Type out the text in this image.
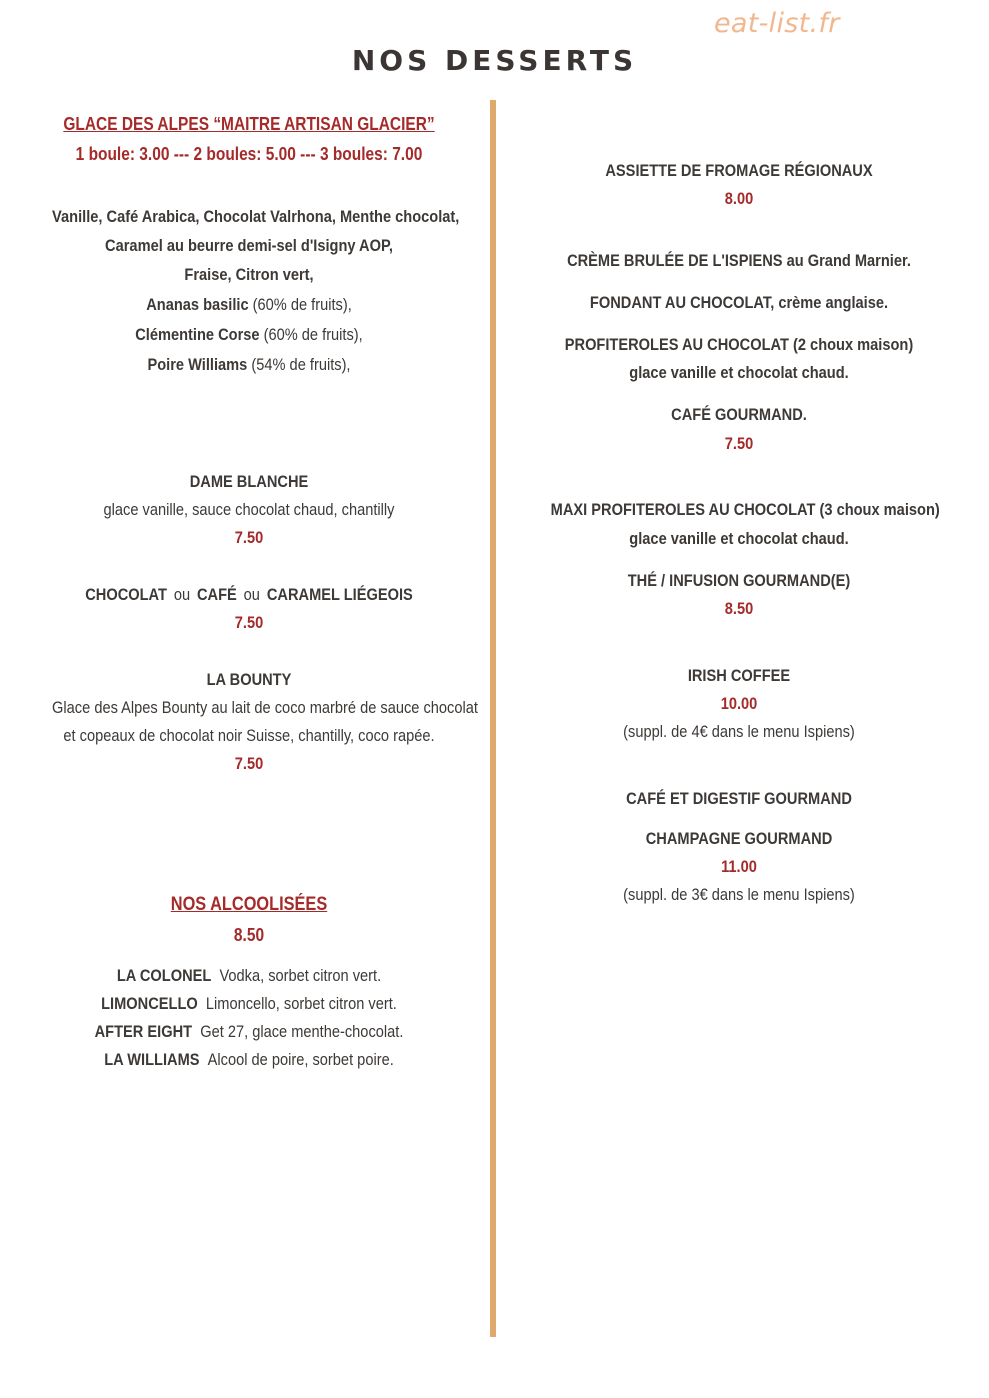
eat-list.fr
NOS DESSERTS
GLACE DES ALPES “MAITRE ARTISAN GLACIER”
1 boule: 3.00 --- 2 boules: 5.00 --- 3 boules: 7.00
Vanille, Café Arabica, Chocolat Valrhona, Menthe chocolat,
Caramel au beurre demi-sel d'Isigny AOP,
Fraise, Citron vert,
Ananas basilic (60% de fruits),
Clémentine Corse (60% de fruits),
Poire Williams (54% de fruits),
DAME BLANCHE
glace vanille, sauce chocolat chaud, chantilly
7.50
CHOCOLAT ou CAFÉ ou CARAMEL LIÉGEOIS
7.50
LA BOUNTY
Glace des Alpes Bounty au lait de coco marbré de sauce chocolat
et copeaux de chocolat noir Suisse, chantilly, coco rapée.
7.50
NOS ALCOOLISÉES
8.50
LA COLONEL Vodka, sorbet citron vert.
LIMONCELLO Limoncello, sorbet citron vert.
AFTER EIGHT Get 27, glace menthe-chocolat.
LA WILLIAMS Alcool de poire, sorbet poire.
ASSIETTE DE FROMAGE RÉGIONAUX
8.00
CRÈME BRULÉE DE L'ISPIENS au Grand Marnier.
FONDANT AU CHOCOLAT, crème anglaise.
PROFITEROLES AU CHOCOLAT (2 choux maison)
glace vanille et chocolat chaud.
CAFÉ GOURMAND.
7.50
MAXI PROFITEROLES AU CHOCOLAT (3 choux maison)
glace vanille et chocolat chaud.
THÉ / INFUSION GOURMAND(E)
8.50
IRISH COFFEE
10.00
(suppl. de 4€ dans le menu Ispiens)
CAFÉ ET DIGESTIF GOURMAND
CHAMPAGNE GOURMAND
11.00
(suppl. de 3€ dans le menu Ispiens)
